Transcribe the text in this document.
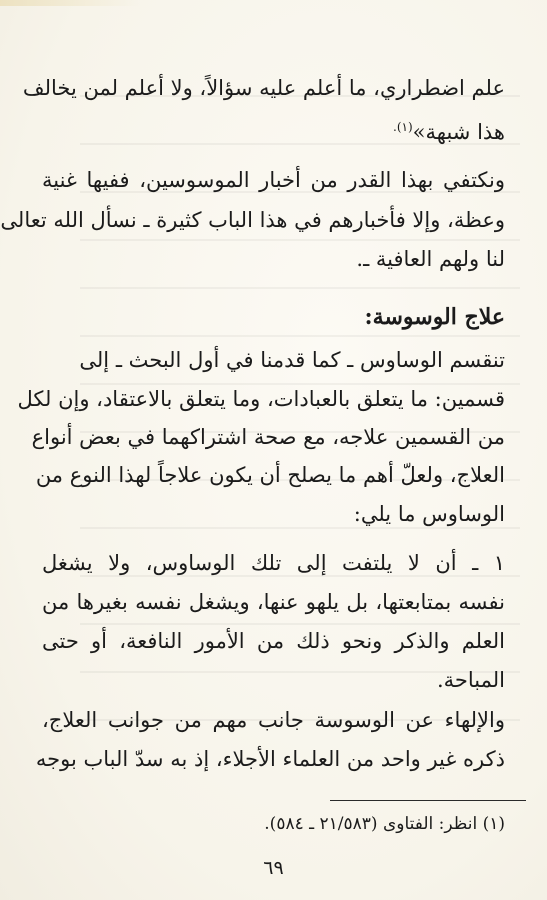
علم اضطراري، ما أعلم عليه سؤالاً، ولا أعلم لمن يخالف
هذا شبهة»$^{(١).}$
ونكتفي بهذا القدر من أخبار الموسوسين، ففيها غنية
وعظة، وإلا فأخبارهم في هذا الباب كثيرة ـ نسأل الله تعالى
لنا ولهم العافية ـ.
علاج الوسوسة:
تنقسم الوساوس ـ كما قدمنا في أول البحث ـ إلى
قسمين: ما يتعلق بالعبادات، وما يتعلق بالاعتقاد، وإن لكل
من القسمين علاجه، مع صحة اشتراكهما في بعض أنواع
العلاج، ولعلّ أهم ما يصلح أن يكون علاجاً لهذا النوع من
الوساوس ما يلي:
١ ـ أن لا يلتفت إلى تلك الوساوس، ولا يشغل
نفسه بمتابعتها، بل يلهو عنها، ويشغل نفسه بغيرها من
العلم والذكر ونحو ذلك من الأمور النافعة، أو حتى
المباحة.
والإلهاء عن الوسوسة جانب مهم من جوانب العلاج،
ذكره غير واحد من العلماء الأجلاء، إذ به سدّ الباب بوجه
(١) انظر: الفتاوى (٢١/٥٨٣ ـ ٥٨٤).
٦٩
